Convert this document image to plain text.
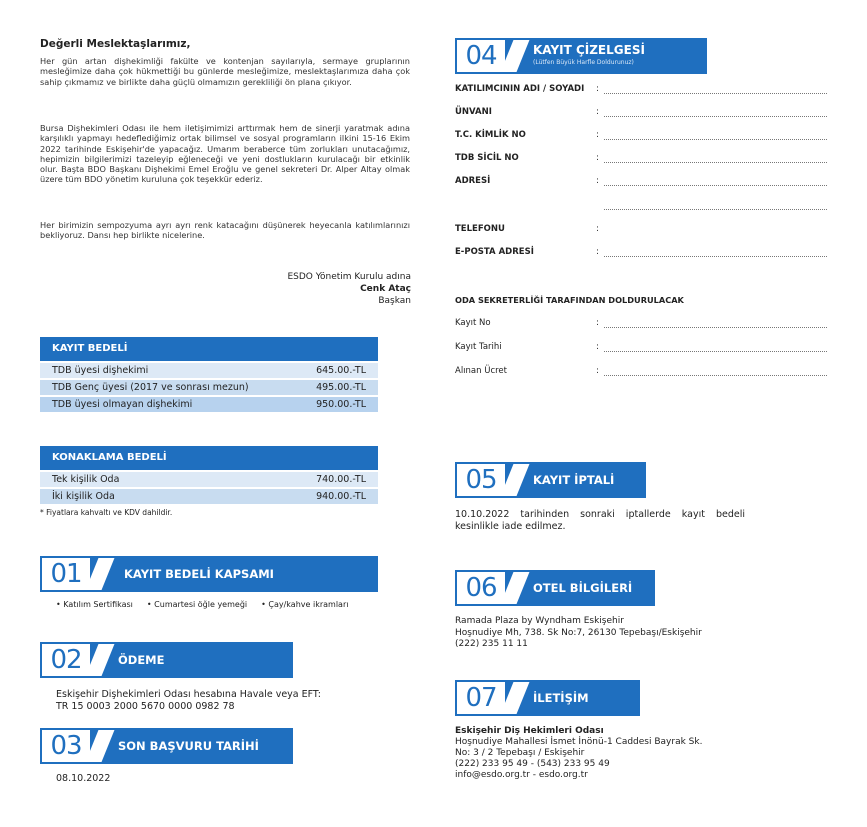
Değerli Meslektaşlarımız,
Her gün artan dişhekimliği fakülte ve kontenjan sayılarıyla, sermaye gruplarının mesleğimize daha çok hükmettiği bu günlerde mesleğimize, meslektaşlarımıza daha çok sahip çıkmamız ve birlikte daha güçlü olmamızın gerekliliği ön plana çıkıyor.
Bursa Dişhekimleri Odası ile hem iletişimimizi arttırmak hem de sinerji yaratmak adına karşılıklı yapmayı hedeflediğimiz ortak bilimsel ve sosyal programların ilkini 15-16 Ekim 2022 tarihinde Eskişehir'de yapacağız. Umarım beraberce tüm zorlukları unutacağımız, hepimizin bilgilerimizi tazeleyip eğleneceği ve yeni dostlukların kurulacağı bir etkinlik olur. Başta BDO Başkanı Dişhekimi Emel Eroğlu ve genel sekreteri Dr. Alper Altay olmak üzere tüm BDO yönetim kuruluna çok teşekkür ederiz.
Her birimizin sempozyuma ayrı ayrı renk katacağını düşünerek heyecanla katılımlarınızı bekliyoruz. Dansı hep birlikte nicelerine.
ESDO Yönetim Kurulu adına
Cenk Ataç
Başkan
KAYIT BEDELİ
TDB üyesi dişhekimi	645.00.-TL
TDB Genç üyesi (2017 ve sonrası mezun)	495.00.-TL
TDB üyesi olmayan dişhekimi	950.00.-TL
KONAKLAMA BEDELİ
Tek kişilik Oda	740.00.-TL
İki kişilik Oda	940.00.-TL
* Fiyatlara kahvaltı ve KDV dahildir.
01	KAYIT BEDELİ KAPSAMI
• Katılım Sertifikası • Cumartesi öğle yemeği • Çay/kahve ikramları
02	ÖDEME
Eskişehir Dişhekimleri Odası hesabına Havale veya EFT:
TR 15 0003 2000 5670 0000 0982 78
03	SON BAŞVURU TARİHİ
08.10.2022
04	KAYIT ÇİZELGESİ
(Lütfen Büyük Harfle Doldurunuz)
KATILIMCININ ADI / SOYADI :
ÜNVANI	:
T.C. KİMLİK NO	:
TDB SİCİL NO	:
ADRESİ	:
TELEFONU	:
E-POSTA ADRESİ	:
ODA SEKRETERLİĞİ TARAFINDAN DOLDURULACAK
Kayıt No	:
Kayıt Tarihi	:
Alınan Ücret	:
05	KAYIT İPTALİ
10.10.2022 tarihinden sonraki iptallerde kayıt bedeli kesinlikle iade edilmez.
06	OTEL BİLGİLERİ
Ramada Plaza by Wyndham Eskişehir
Hoşnudiye Mh, 738. Sk No:7, 26130 Tepebaşı/Eskişehir
(222) 235 11 11
07	İLETİŞİM
Eskişehir Diş Hekimleri Odası
Hoşnudiye Mahallesi İsmet İnönü-1 Caddesi Bayrak Sk.
No: 3 / 2 Tepebaşı / Eskişehir
(222) 233 95 49 - (543) 233 95 49
info@esdo.org.tr - esdo.org.tr
